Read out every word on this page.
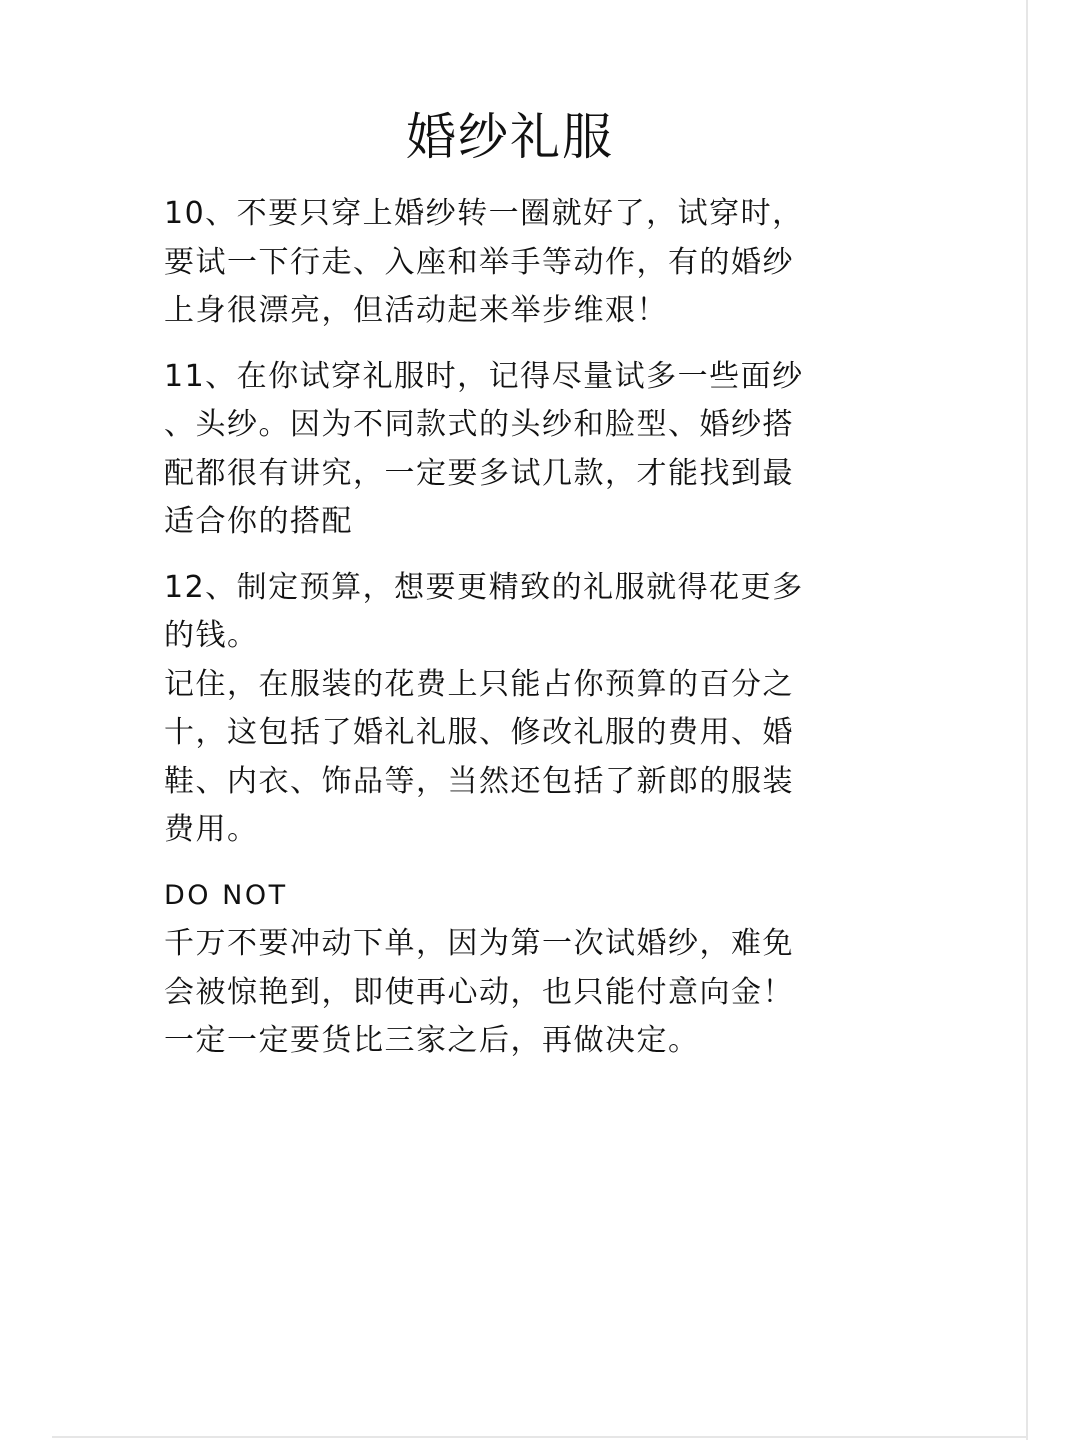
婚纱礼服
10、不要只穿上婚纱转一圈就好了，试穿时，
要试一下行走、入座和举手等动作，有的婚纱
上身很漂亮，但活动起来举步维艰！
11、在你试穿礼服时，记得尽量试多一些面纱
、头纱。因为不同款式的头纱和脸型、婚纱搭
配都很有讲究，一定要多试几款，才能找到最
适合你的搭配
12、制定预算，想要更精致的礼服就得花更多
的钱。
记住，在服装的花费上只能占你预算的百分之
十，这包括了婚礼礼服、修改礼服的费用、婚
鞋、内衣、饰品等，当然还包括了新郎的服装
费用。
DO NOT
千万不要冲动下单，因为第一次试婚纱，难免
会被惊艳到，即使再心动，也只能付意向金！
一定一定要货比三家之后，再做决定。
